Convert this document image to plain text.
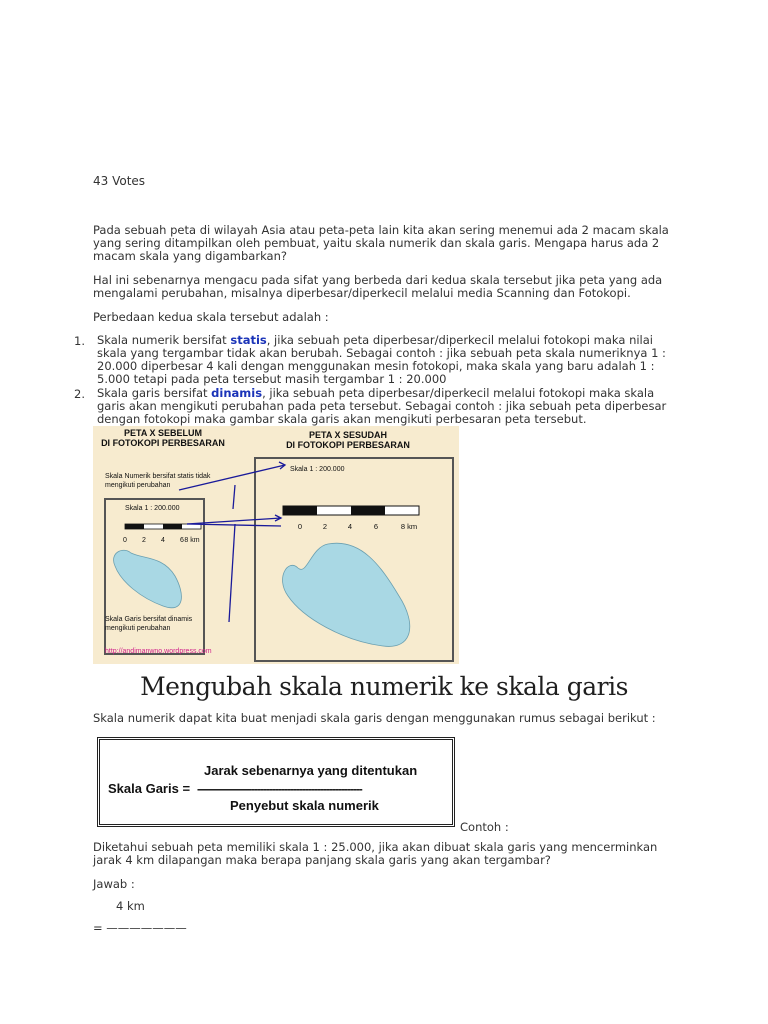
43 Votes
Pada sebuah peta di wilayah Asia atau peta-peta lain kita akan sering menemui ada 2 macam skala yang sering ditampilkan oleh pembuat, yaitu skala numerik dan skala garis. Mengapa harus ada 2 macam skala yang digambarkan?
Hal ini sebenarnya mengacu pada sifat yang berbeda dari kedua skala tersebut jika peta yang ada mengalami perubahan, misalnya diperbesar/diperkecil melalui media Scanning dan Fotokopi.
Perbedaan kedua skala tersebut adalah :
1. Skala numerik bersifat statis, jika sebuah peta diperbesar/diperkecil melalui fotokopi maka nilai skala yang tergambar tidak akan berubah. Sebagai contoh : jika sebuah peta skala numeriknya 1 : 20.000 diperbesar 4 kali dengan menggunakan mesin fotokopi, maka skala yang baru adalah 1 : 5.000 tetapi pada peta tersebut masih tergambar 1 : 20.000
2. Skala garis bersifat dinamis, jika sebuah peta diperbesar/diperkecil melalui fotokopi maka skala garis akan mengikuti perubahan pada peta tersebut. Sebagai contoh : jika sebuah peta diperbesar dengan fotokopi maka gambar skala garis akan mengikuti perbesaran peta tersebut.
PETA X SEBELUM
DI FOTOKOPI PERBESARAN
PETA X SESUDAH
DI FOTOKOPI PERBESARAN
Skala Numerik bersifat statis tidak
mengikuti perubahan
Skala 1 : 200.000
Skala 1 : 200.000
0 2 4 6 8 km
0	2	4	6	8 km
Skala Garis bersifat dinamis
mengikuti perubahan
http://andimanwno.wordpress.com
Mengubah skala numerik ke skala garis
Skala numerik dapat kita buat menjadi skala garis dengan menggunakan rumus sebagai berikut :
Jarak sebenarnya yang ditentukan
Skala Garis = -------------------------------------------------------
Penyebut skala numerik
Contoh :
Diketahui sebuah peta memiliki skala 1 : 25.000, jika akan dibuat skala garis yang mencerminkan jarak 4 km dilapangan maka berapa panjang skala garis yang akan tergambar?
Jawab :
4 km
= ———————
